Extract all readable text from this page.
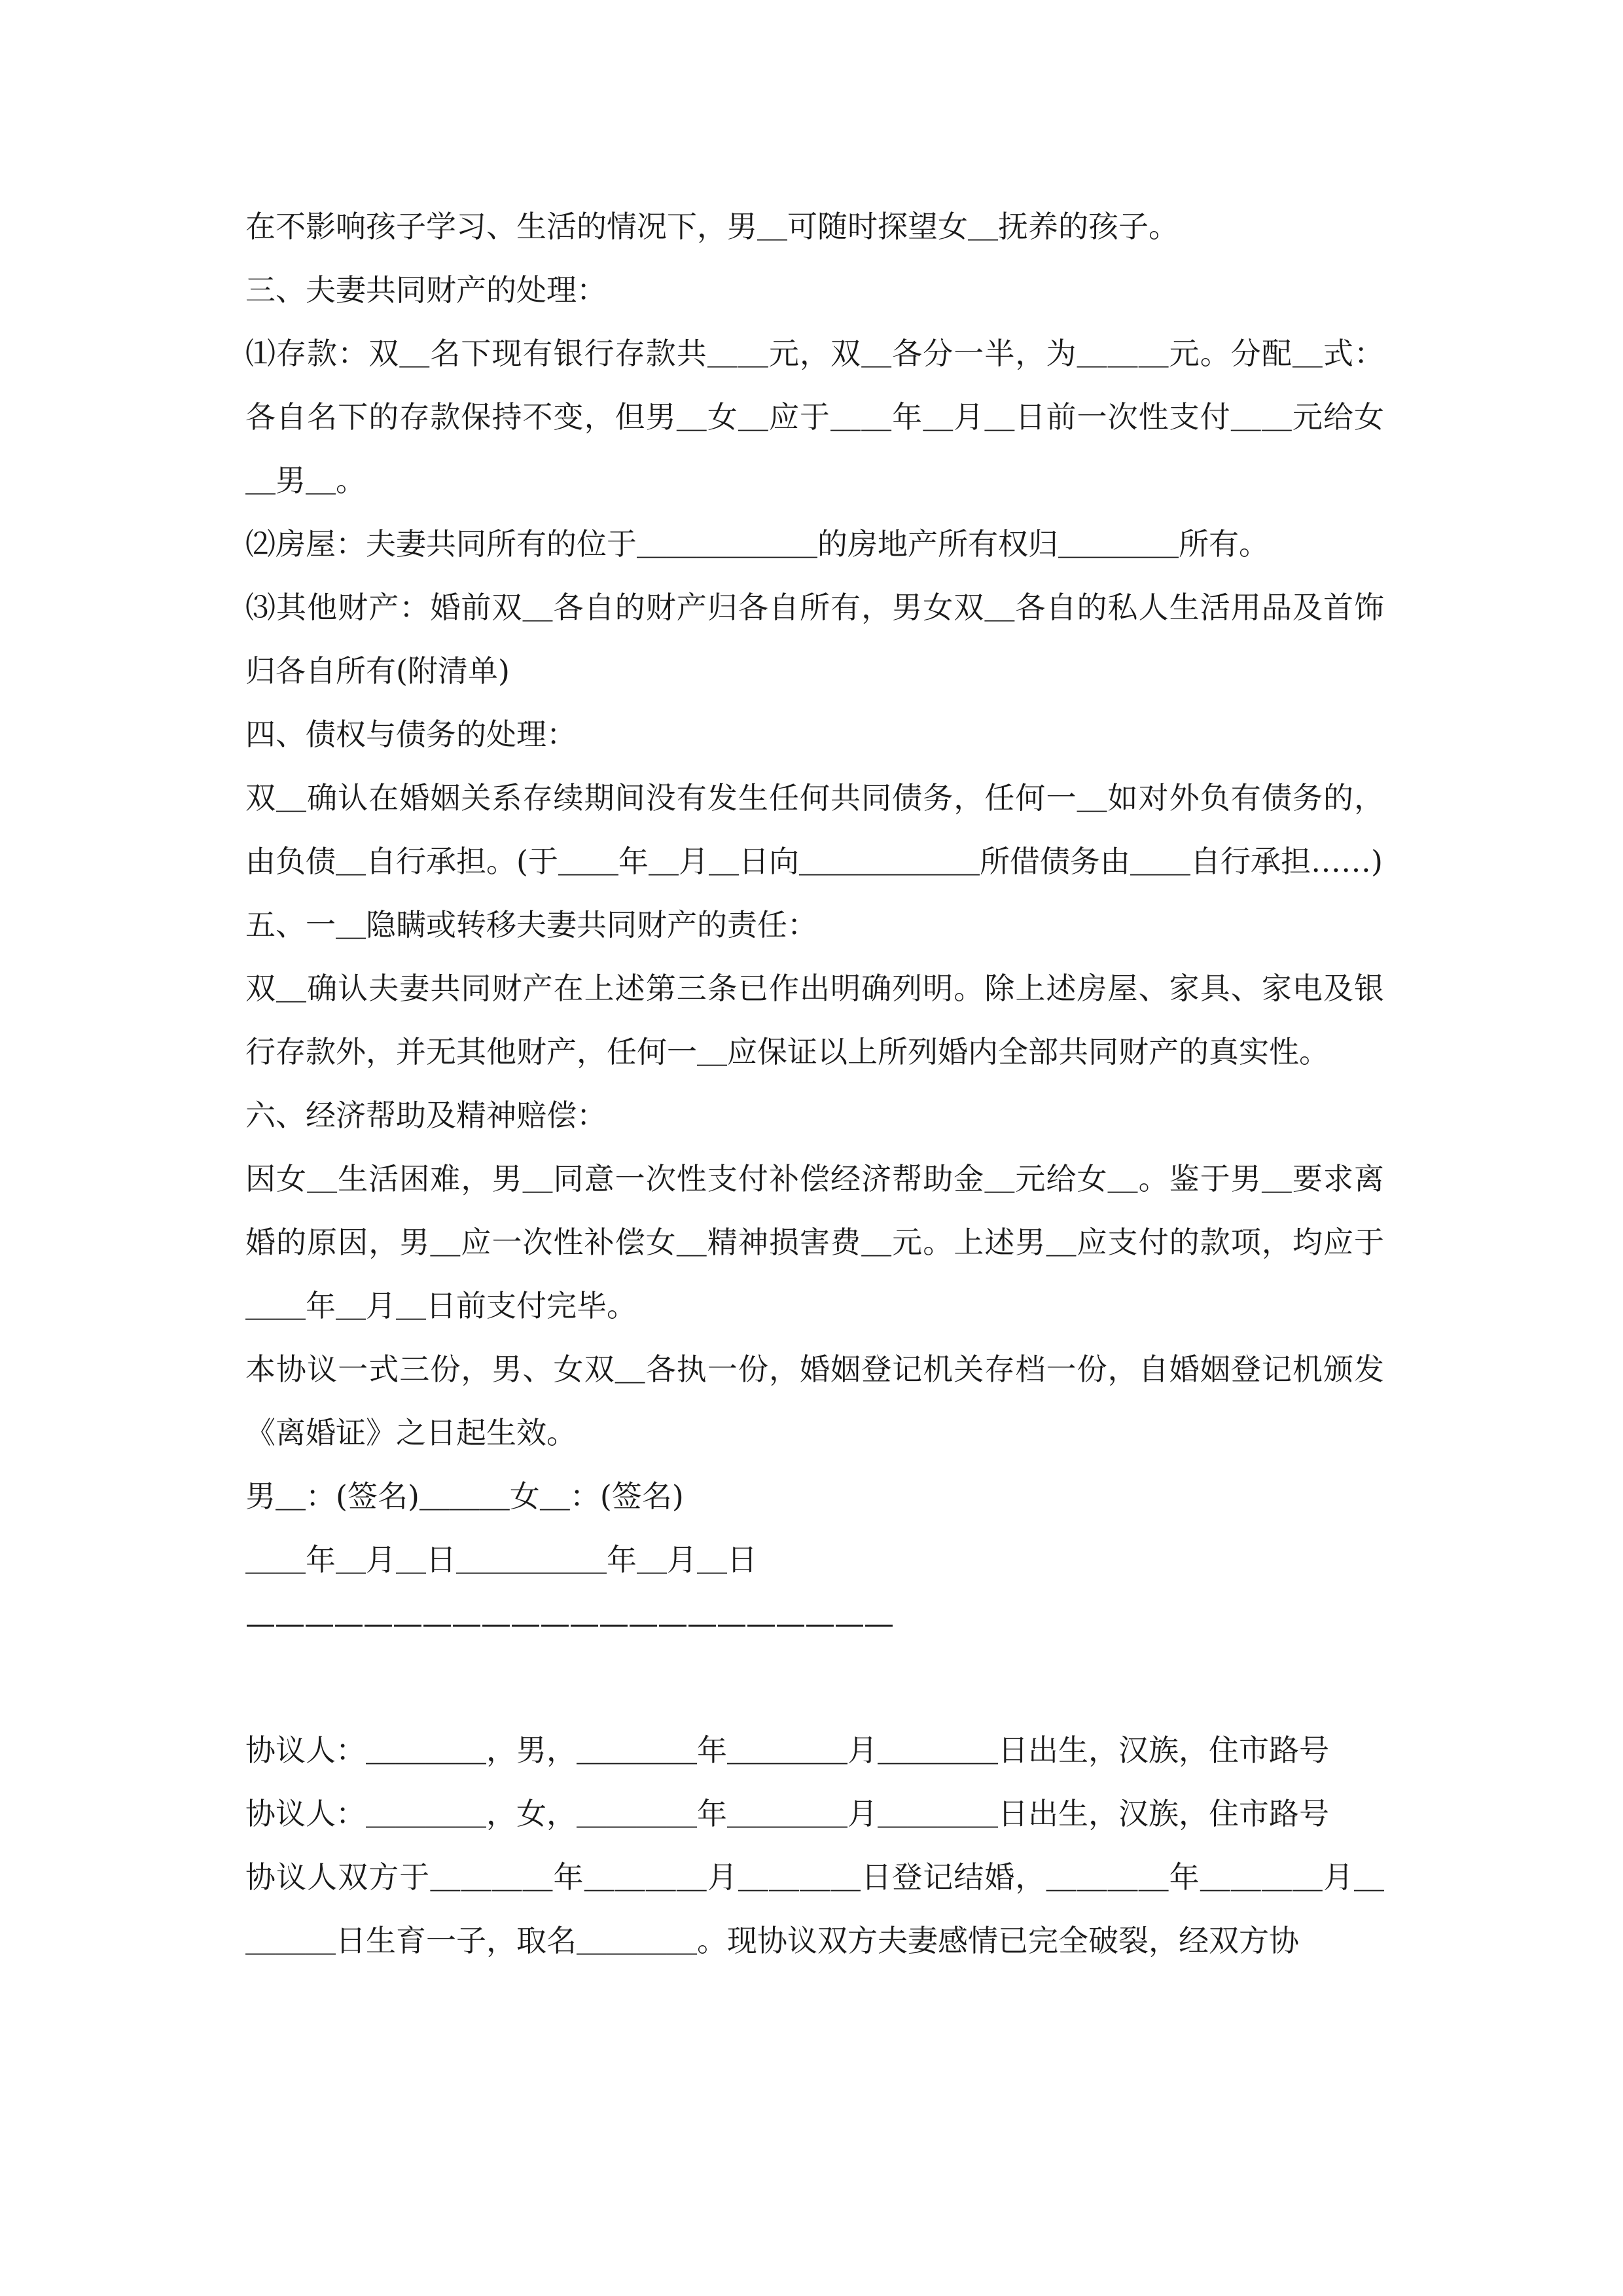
在不影响孩子学习、生活的情况下，男＿可随时探望女＿抚养的孩子。

三、夫妻共同财产的处理：

⑴存款：双＿名下现有银行存款共＿＿元，双＿各分一半，为＿＿＿元。分配＿式：各自名下的存款保持不变，但男＿女＿应于＿＿年＿月＿日前一次性支付＿＿元给女＿男＿。

⑵房屋：夫妻共同所有的位于＿＿＿＿＿＿的房地产所有权归＿＿＿＿所有。

⑶其他财产：婚前双＿各自的财产归各自所有，男女双＿各自的私人生活用品及首饰归各自所有(附清单)

四、债权与债务的处理：

双＿确认在婚姻关系存续期间没有发生任何共同债务，任何一＿如对外负有债务的，由负债＿自行承担。(于＿＿年＿月＿日向＿＿＿＿＿＿所借债务由＿＿自行承担……)

五、一＿隐瞒或转移夫妻共同财产的责任：

双＿确认夫妻共同财产在上述第三条已作出明确列明。除上述房屋、家具、家电及银行存款外，并无其他财产，任何一＿应保证以上所列婚内全部共同财产的真实性。

六、经济帮助及精神赔偿：

因女＿生活困难，男＿同意一次性支付补偿经济帮助金＿元给女＿。鉴于男＿要求离婚的原因，男＿应一次性补偿女＿精神损害费＿元。上述男＿应支付的款项，均应于＿＿年＿月＿日前支付完毕。

本协议一式三份，男、女双＿各执一份，婚姻登记机关存档一份，自婚姻登记机颁发《离婚证》之日起生效。

男＿：(签名)＿＿＿女＿：(签名)

＿＿年＿月＿日＿＿＿＿＿年＿月＿日

——————————————————————

协议人：＿＿＿＿，男，＿＿＿＿年＿＿＿＿月＿＿＿＿日出生，汉族，住市路号

协议人：＿＿＿＿，女，＿＿＿＿年＿＿＿＿月＿＿＿＿日出生，汉族，住市路号

协议人双方于＿＿＿＿年＿＿＿＿月＿＿＿＿日登记结婚，＿＿＿＿年＿＿＿＿月＿＿＿＿日生育一子，取名＿＿＿＿。现协议双方夫妻感情已完全破裂，经双方协
